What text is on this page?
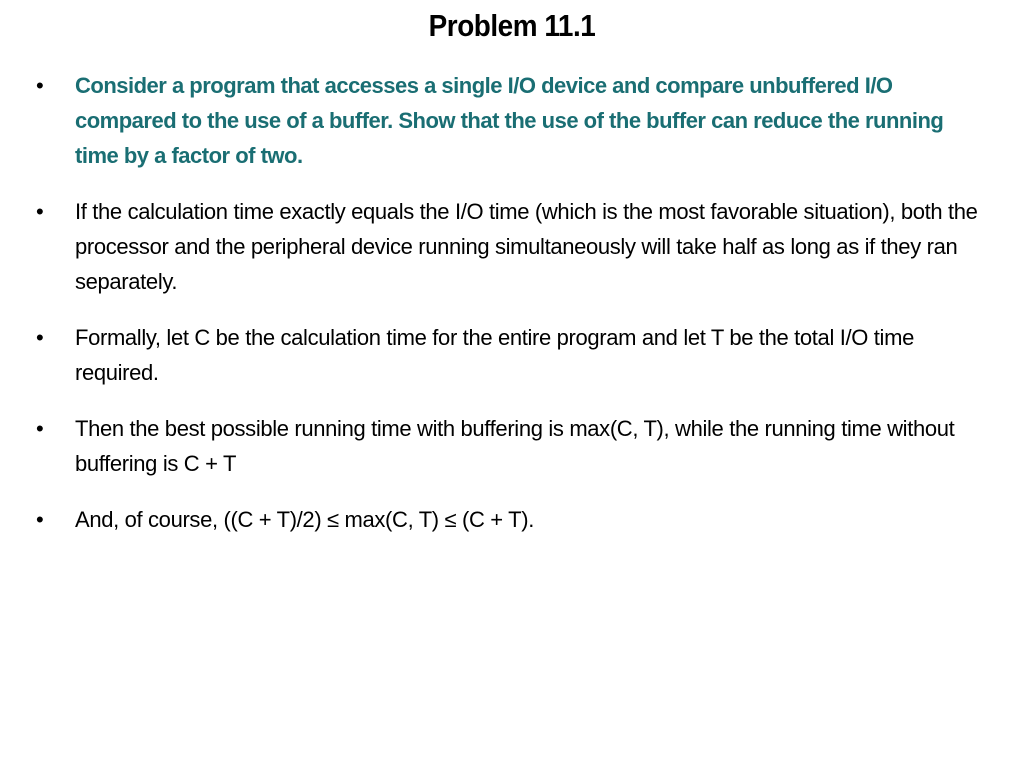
Problem 11.1
•	Consider a program that accesses a single I/O device and compare unbuffered I/O compared to the use of a buffer. Show that the use of the buffer can reduce the running time by a factor of two.
•	If the calculation time exactly equals the I/O time (which is the most favorable situation), both the processor and the peripheral device running simultaneously will take half as long as if they ran separately.
•	Formally, let C be the calculation time for the entire program and let T be the total I/O time required.
•	Then the best possible running time with buffering is max(C, T), while the running time without buffering is C + T
•	And, of course, ((C + T)/2) ≤ max(C, T) ≤ (C + T).
